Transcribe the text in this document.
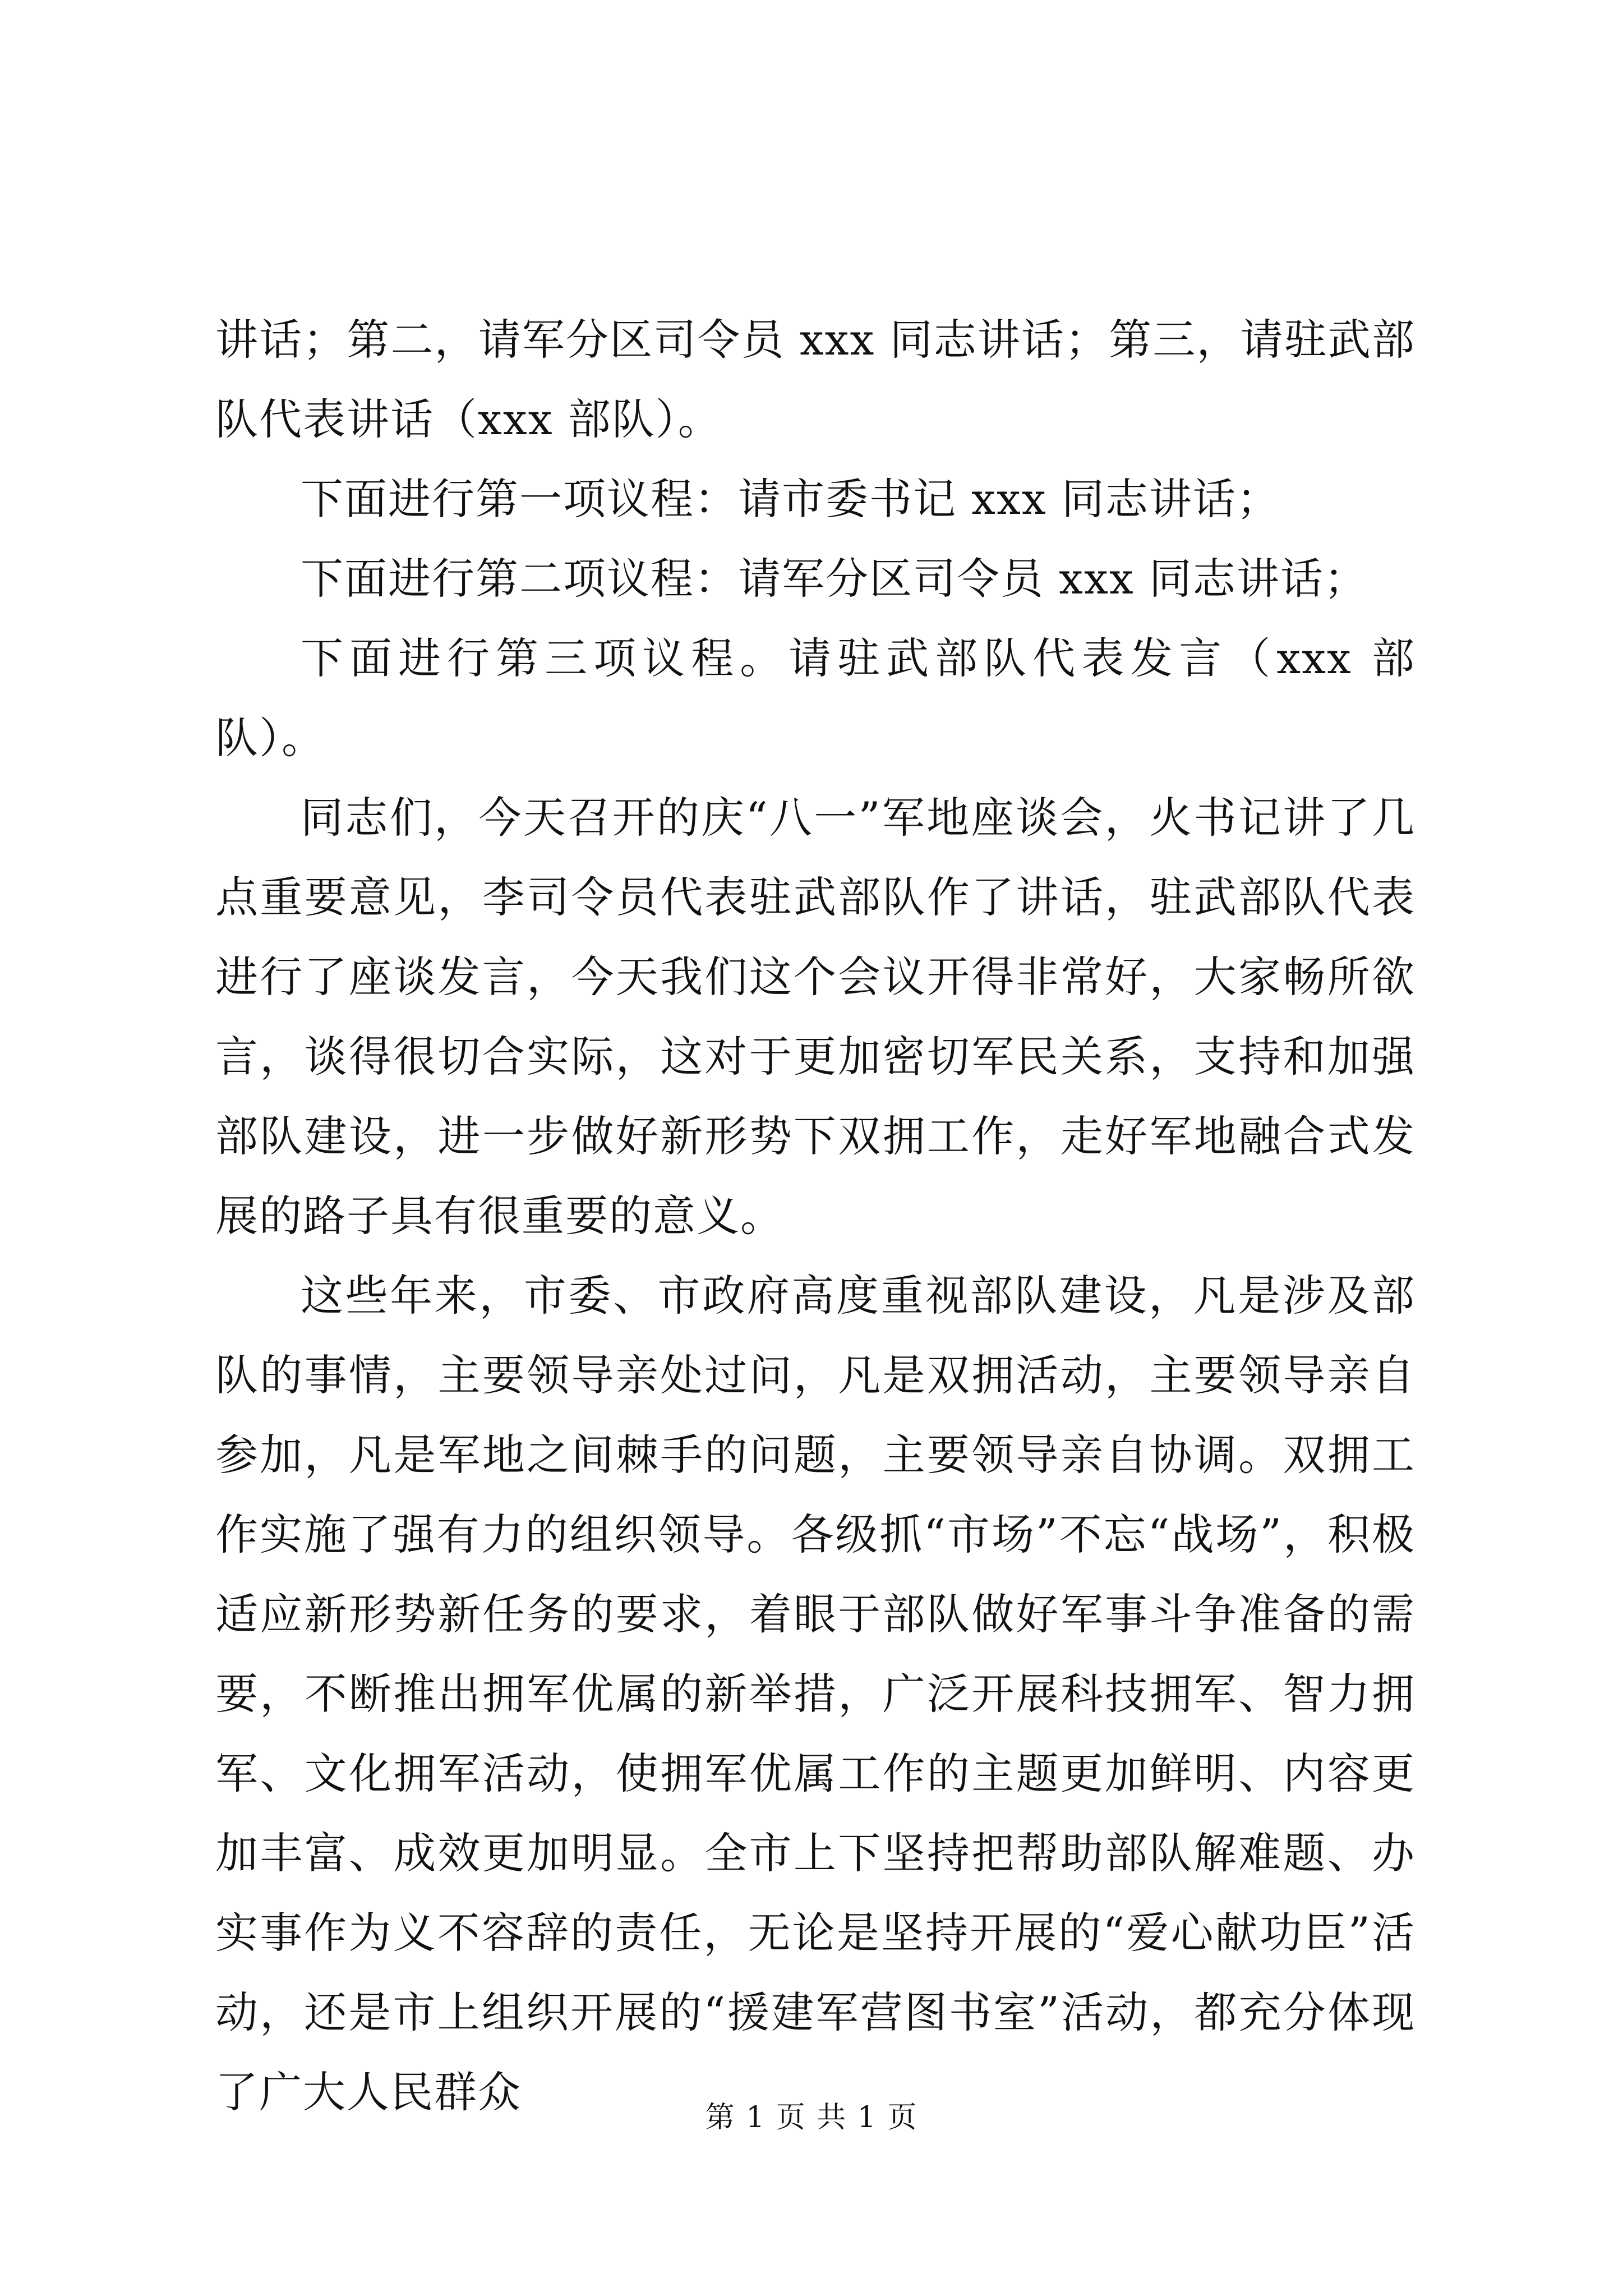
讲话；第二，请军分区司令员 xxx 同志讲话；第三，请驻武部队代表讲话（xxx 部队）。

下面进行第一项议程：请市委书记 xxx 同志讲话；

下面进行第二项议程：请军分区司令员 xxx 同志讲话；

下面进行第三项议程。请驻武部队代表发言（xxx 部队）。

同志们，今天召开的庆“八一”军地座谈会，火书记讲了几点重要意见，李司令员代表驻武部队作了讲话，驻武部队代表进行了座谈发言，今天我们这个会议开得非常好，大家畅所欲言，谈得很切合实际，这对于更加密切军民关系，支持和加强部队建设，进一步做好新形势下双拥工作，走好军地融合式发展的路子具有很重要的意义。

这些年来，市委、市政府高度重视部队建设，凡是涉及部队的事情，主要领导亲处过问，凡是双拥活动，主要领导亲自参加，凡是军地之间棘手的问题，主要领导亲自协调。双拥工作实施了强有力的组织领导。各级抓“市场”不忘“战场”，积极适应新形势新任务的要求，着眼于部队做好军事斗争准备的需要，不断推出拥军优属的新举措，广泛开展科技拥军、智力拥军、文化拥军活动，使拥军优属工作的主题更加鲜明、内容更加丰富、成效更加明显。全市上下坚持把帮助部队解难题、办实事作为义不容辞的责任，无论是坚持开展的“爱心献功臣”活动，还是市上组织开展的“援建军营图书室”活动，都充分体现了广大人民群众

第 1 页 共 1 页
